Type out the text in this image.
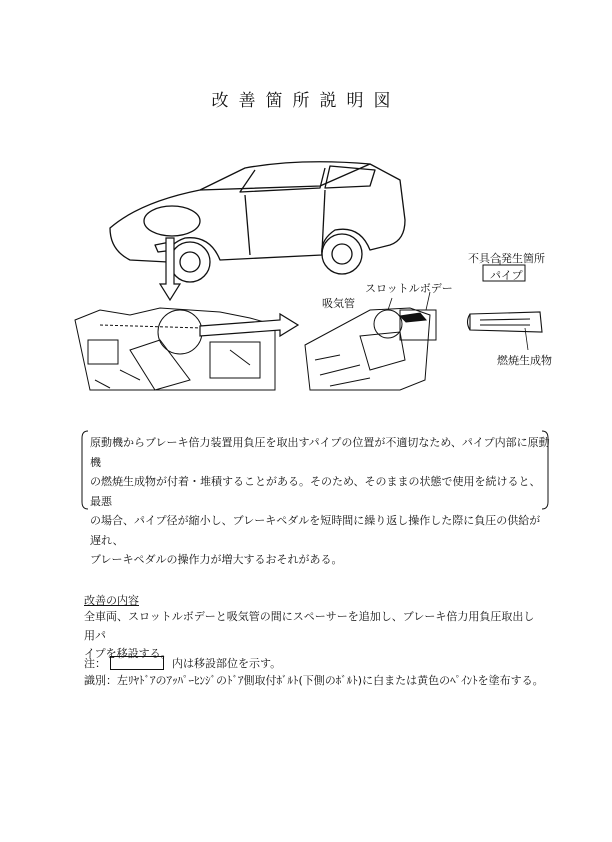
改善箇所説明図
不具合発生箇所
パイプ
スロットルボデー
吸気管
燃焼生成物
原動機からブレーキ倍力装置用負圧を取出すパイプの位置が不適切なため、パイプ内部に原動機
の燃焼生成物が付着・堆積することがある。そのため、そのままの状態で使用を続けると、最悪
の場合、パイプ径が縮小し、ブレーキペダルを短時間に繰り返し操作した際に負圧の供給が遅れ、
ブレーキペダルの操作力が増大するおそれがある。
改善の内容
全車両、スロットルボデーと吸気管の間にスペーサーを追加し、ブレーキ倍力用負圧取出し用パ
イプを移設する。
注：	内は移設部位を示す。
識別：左ﾘﾔﾄﾞｱのｱｯﾊﾟｰﾋﾝｼﾞのﾄﾞｱ側取付ﾎﾞﾙﾄ(下側のﾎﾞﾙﾄ)に白または黄色のﾍﾟｲﾝﾄを塗布する。
